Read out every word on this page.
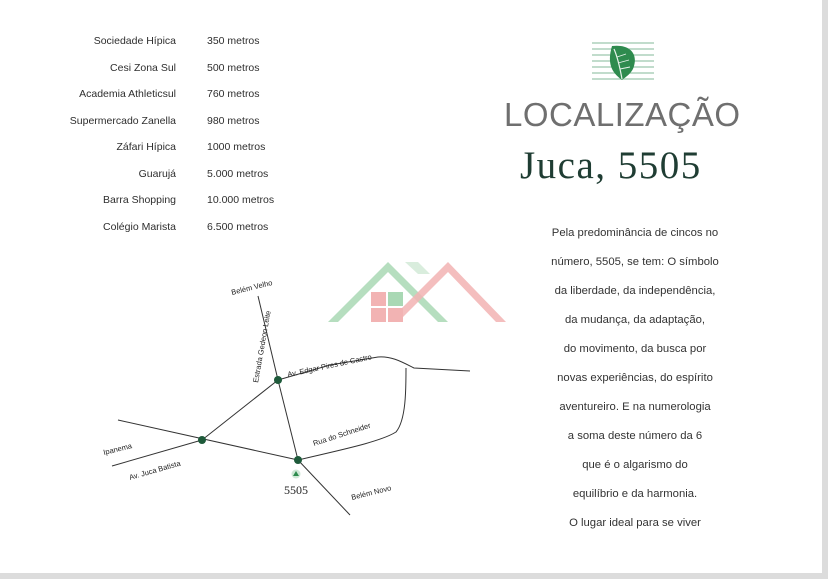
Sociedade Hípica	350 metros
Cesi Zona Sul	500 metros
Academia Athleticsul	760 metros
Supermercado Zanella	980 metros
Záfari Hípica	1000 metros
Guarujá	5.000 metros
Barra Shopping	10.000 metros
Colégio Marista	6.500 metros
LOCALIZAÇÃO
Juca, 5505
Pela predominância de cincos no
número, 5505, se tem: O símbolo
da liberdade, da independência,
da mudança, da adaptação,
do movimento, da busca por
novas experiências, do espírito
aventureiro. E na numerologia
a soma deste número da 6
que é o algarismo do
equilíbrio e da harmonia.
O lugar ideal para se viver
5505
Belém Velho
Estrada Gedeon Leite Av. Edgar Pires de Castro
Ipanema
Av. Juca Batista
Rua do Schneider
Belém Novo
